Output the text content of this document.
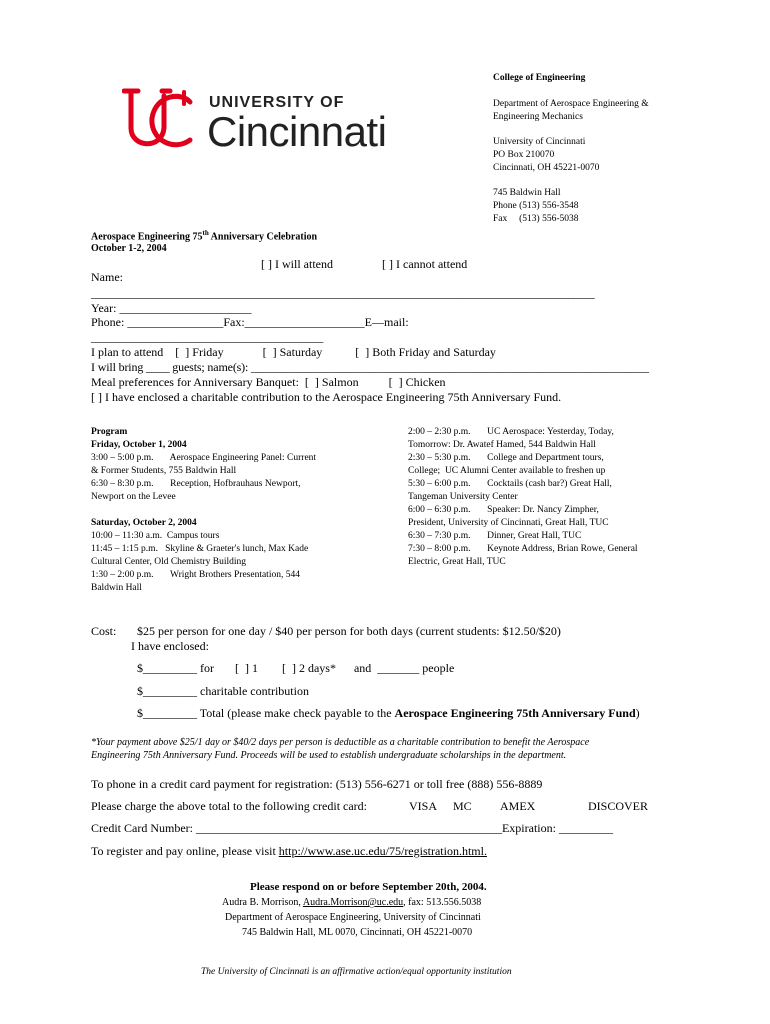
UNIVERSITY OF
Cincinnati
College of Engineering
Department of Aerospace Engineering &
Engineering Mechanics
University of Cincinnati
PO Box 210070
Cincinnati, OH 45221-0070
745 Baldwin Hall
Phone (513) 556-3548
Fax     (513) 556-5038
Aerospace Engineering 75th Anniversary Celebration
October 1-2, 2004
[ ] I will attend	[ ] I cannot attend
Name:
________________________________________________________________________________________________
Year: ______________________
Phone: ________________Fax:____________________E—mail:
________________________________________
I plan to attend    [  ] Friday             [  ] Saturday           [  ] Both Friday and Saturday
I will bring ____ guests; name(s): ____________________________________________________________________
Meal preferences for Anniversary Banquet:  [  ] Salmon          [  ] Chicken
[ ] I have enclosed a charitable contribution to the Aerospace Engineering 75th Anniversary Fund.
Program
Friday, October 1, 2004
3:00 – 5:00 p.m.       Aerospace Engineering Panel: Current
& Former Students, 755 Baldwin Hall
6:30 – 8:30 p.m.       Reception, Hofbrauhaus Newport,
Newport on the Levee
Saturday, October 2, 2004
10:00 – 11:30 a.m.  Campus tours
11:45 – 1:15 p.m.   Skyline & Graeter's lunch, Max Kade
Cultural Center, Old Chemistry Building
1:30 – 2:00 p.m.       Wright Brothers Presentation, 544
Baldwin Hall
2:00 – 2:30 p.m.       UC Aerospace: Yesterday, Today,
Tomorrow: Dr. Awatef Hamed, 544 Baldwin Hall
2:30 – 5:30 p.m.       College and Department tours,
College;  UC Alumni Center available to freshen up
5:30 – 6:00 p.m.       Cocktails (cash bar?) Great Hall,
Tangeman University Center
6:00 – 6:30 p.m.       Speaker: Dr. Nancy Zimpher,
President, University of Cincinnati, Great Hall, TUC
6:30 – 7:30 p.m.       Dinner, Great Hall, TUC
7:30 – 8:00 p.m.       Keynote Address, Brian Rowe, General
Electric, Great Hall, TUC
Cost: $25 per person for one day / $40 per person for both days (current students: $12.50/$20)
I have enclosed:
$_________ for       [  ] 1        [  ] 2 days*      and  _______ people
$_________ charitable contribution
$_________ Total (please make check payable to the Aerospace Engineering 75th Anniversary Fund)
*Your payment above $25/1 day or $40/2 days per person is deductible as a charitable contribution to benefit the Aerospace
Engineering 75th Anniversary Fund. Proceeds will be used to establish undergraduate scholarships in the department.
To phone in a credit card payment for registration: (513) 556-6271 or toll free (888) 556-8889
Please charge the above total to the following credit card:	VISA MC AMEX	DISCOVER
Credit Card Number: ___________________________________________________Expiration: _________
To register and pay online, please visit http://www.ase.uc.edu/75/registration.html.
Please respond on or before September 20th, 2004.
Audra B. Morrison, Audra.Morrison@uc.edu, fax: 513.556.5038
Department of Aerospace Engineering, University of Cincinnati
745 Baldwin Hall, ML 0070, Cincinnati, OH 45221-0070
The University of Cincinnati is an affirmative action/equal opportunity institution
